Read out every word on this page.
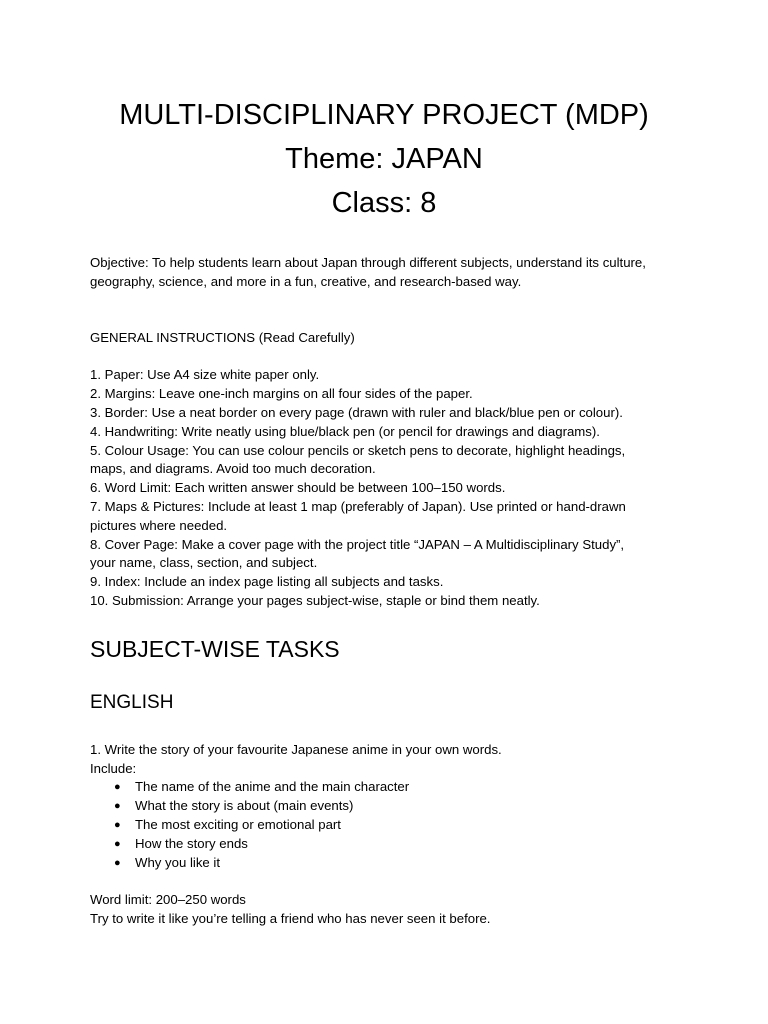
MULTI-DISCIPLINARY PROJECT (MDP)
Theme: JAPAN
Class: 8

Objective: To help students learn about Japan through different subjects, understand its culture,

geography, science, and more in a fun, creative, and research-based way.

GENERAL INSTRUCTIONS (Read Carefully)

1. Paper: Use A4 size white paper only.
2. Margins: Leave one-inch margins on all four sides of the paper.
3. Border: Use a neat border on every page (drawn with ruler and black/blue pen or colour).
4. Handwriting: Write neatly using blue/black pen (or pencil for drawings and diagrams).
5. Colour Usage: You can use colour pencils or sketch pens to decorate, highlight headings,
maps, and diagrams. Avoid too much decoration.
6. Word Limit: Each written answer should be between 100–150 words.
7. Maps & Pictures: Include at least 1 map (preferably of Japan). Use printed or hand-drawn
pictures where needed.
8. Cover Page: Make a cover page with the project title “JAPAN – A Multidisciplinary Study”,
your name, class, section, and subject.
9. Index: Include an index page listing all subjects and tasks.
10. Submission: Arrange your pages subject-wise, staple or bind them neatly.
SUBJECT-WISE TASKS
ENGLISH

1. Write the story of your favourite Japanese anime in your own words.

Include:

● The name of the anime and the main character
● What the story is about (main events)
● The most exciting or emotional part
● How the story ends
● Why you like it

Word limit: 200–250 words

Try to write it like you’re telling a friend who has never seen it before.
